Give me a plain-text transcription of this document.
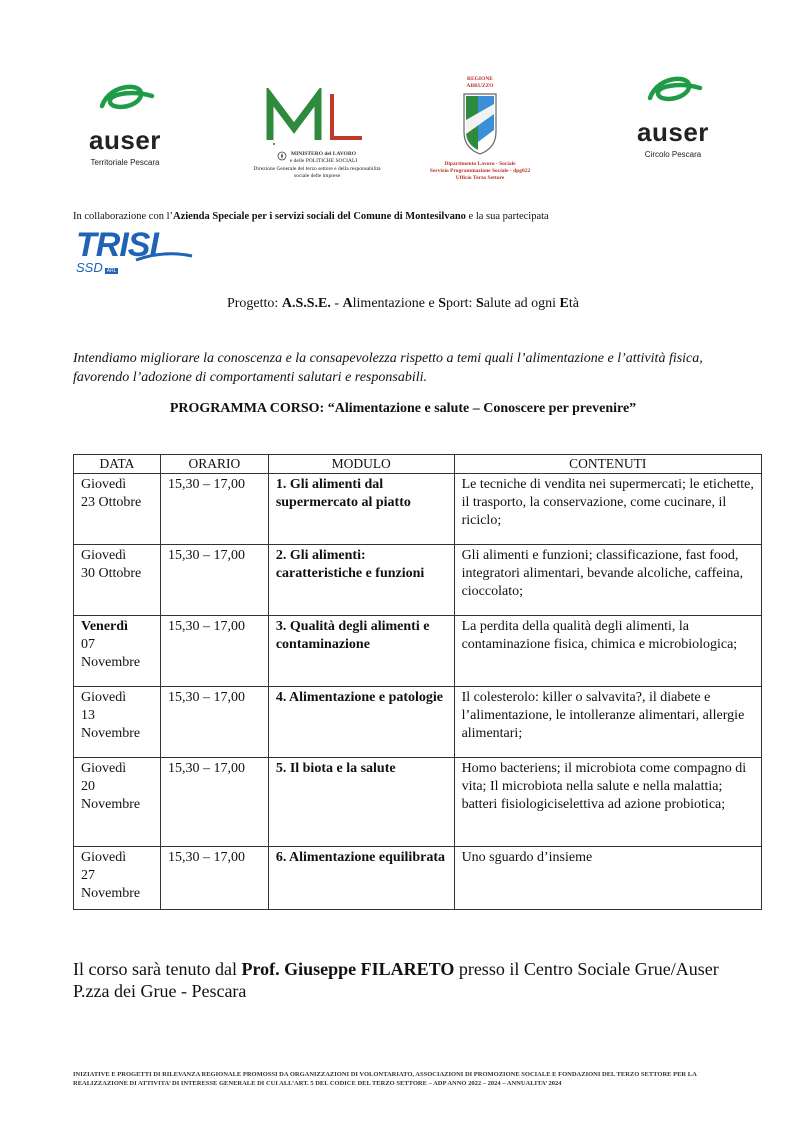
auser
Territoriale Pescara
MINISTERO del LAVORO
e delle POLITICHE SOCIALI
Direzione Generale del terzo settore e della responsabilità sociale delle imprese
REGIONE ABRUZZO
Dipartimento Lavoro - Sociale
Servizio Programmazione Sociale - dpg022
Ufficio Terzo Settore
auser
Circolo Pescara
In collaborazione con l’Azienda Speciale per i servizi sociali del Comune di Montesilvano e la sua partecipata
TRISI
SSD ARL
Progetto: A.S.S.E. - Alimentazione e Sport: Salute ad ogni Età
Intendiamo migliorare la conoscenza e la consapevolezza rispetto a temi quali l’alimentazione e l’attività fisica, favorendo l’adozione di comportamenti salutari e responsabili.
PROGRAMMA CORSO: “Alimentazione e salute – Conoscere per prevenire”
DATA	ORARIO	MODULO	CONTENUTI

Giovedì
23 Ottobre	15,30 – 17,00	1. Gli alimenti dal supermercato al piatto	Le tecniche di vendita nei supermercati; le etichette, il trasporto, la conservazione, come cucinare, il riciclo;

Giovedì
30 Ottobre	15,30 – 17,00	2. Gli alimenti: caratteristiche e funzioni	Gli alimenti e funzioni; classificazione, fast food, integratori alimentari, bevande alcoliche, caffeina, cioccolato;

Venerdì
07 Novembre	15,30 – 17,00	3. Qualità degli alimenti e contaminazione	La perdita della qualità degli alimenti, la contaminazione fisica, chimica e microbiologica;

Giovedì
13 Novembre	15,30 – 17,00	4. Alimentazione e patologie	Il colesterolo: killer o salvavita?, il diabete e l’alimentazione, le intolleranze alimentari, allergie alimentari;

Giovedì
20 Novembre	15,30 – 17,00	5. Il biota e la salute	Homo bacteriens; il microbiota come compagno di vita; Il microbiota nella salute e nella malattia; batteri fisiologiciselettiva ad azione probiotica;

Giovedì
27 Novembre	15,30 – 17,00	6. Alimentazione equilibrata	Uno sguardo d’insieme
Il corso sarà tenuto dal Prof. Giuseppe FILARETO presso il Centro Sociale Grue/Auser
P.zza dei Grue - Pescara
INIZIATIVE E PROGETTI DI RILEVANZA REGIONALE PROMOSSI DA ORGANIZZAZIONI DI VOLONTARIATO, ASSOCIAZIONI DI PROMOZIONE SOCIALE E FONDAZIONI DEL TERZO SETTORE PER LA REALIZZAZIONE DI ATTIVITA’ DI INTERESSE GENERALE DI CUI ALL’ART. 5 DEL CODICE DEL TERZO SETTORE – ADP ANNO 2022 – 2024 – ANNUALITA’ 2024
